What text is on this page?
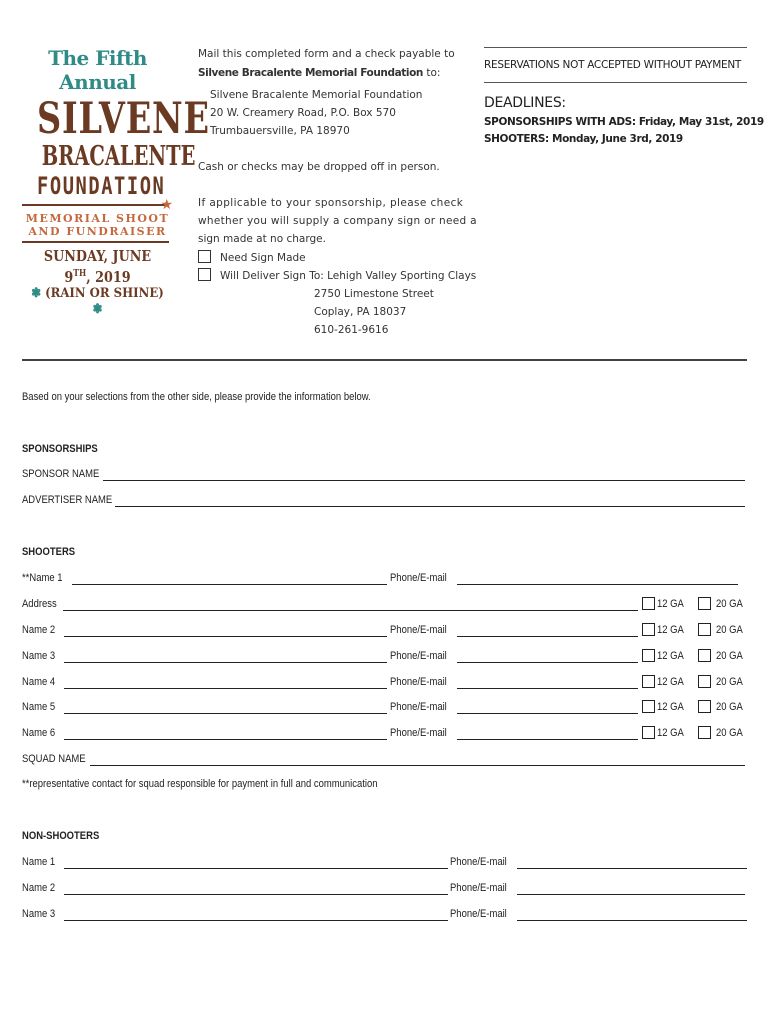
The Fifth Annual
SILVENE
BRACALENTE
FOUNDATION
★
MEMORIAL SHOOT
AND FUNDRAISER
SUNDAY, JUNE 9TH, 2019
❃ (RAIN OR SHINE) ❃
Mail this completed form and a check payable to
Silvene Bracalente Memorial Foundation to:
Silvene Bracalente Memorial Foundation
20 W. Creamery Road, P.O. Box 570
Trumbauersville, PA 18970
Cash or checks may be dropped off in person.
If applicable to your sponsorship, please check
whether you will supply a company sign or need a
sign made at no charge.
Need Sign Made
Will Deliver Sign To: Lehigh Valley Sporting Clays
2750 Limestone Street
Coplay, PA 18037
610-261-9616
RESERVATIONS NOT ACCEPTED WITHOUT PAYMENT
DEADLINES:
SPONSORSHIPS WITH ADS: Friday, May 31st, 2019
SHOOTERS: Monday, June 3rd, 2019
Based on your selections from the other side, please provide the information below.
SPONSORSHIPS
SPONSOR NAME
ADVERTISER NAME
SHOOTERS
**Name 1	Phone/E-mail
Address	12 GA	20 GA
Name 2	Phone/E-mail	12 GA	20 GA
Name 3	Phone/E-mail	12 GA	20 GA
Name 4	Phone/E-mail	12 GA	20 GA
Name 5	Phone/E-mail	12 GA	20 GA
Name 6	Phone/E-mail	12 GA	20 GA
SQUAD NAME
**representative contact for squad responsible for payment in full and communication
NON-SHOOTERS
Name 1	Phone/E-mail
Name 2	Phone/E-mail
Name 3	Phone/E-mail
